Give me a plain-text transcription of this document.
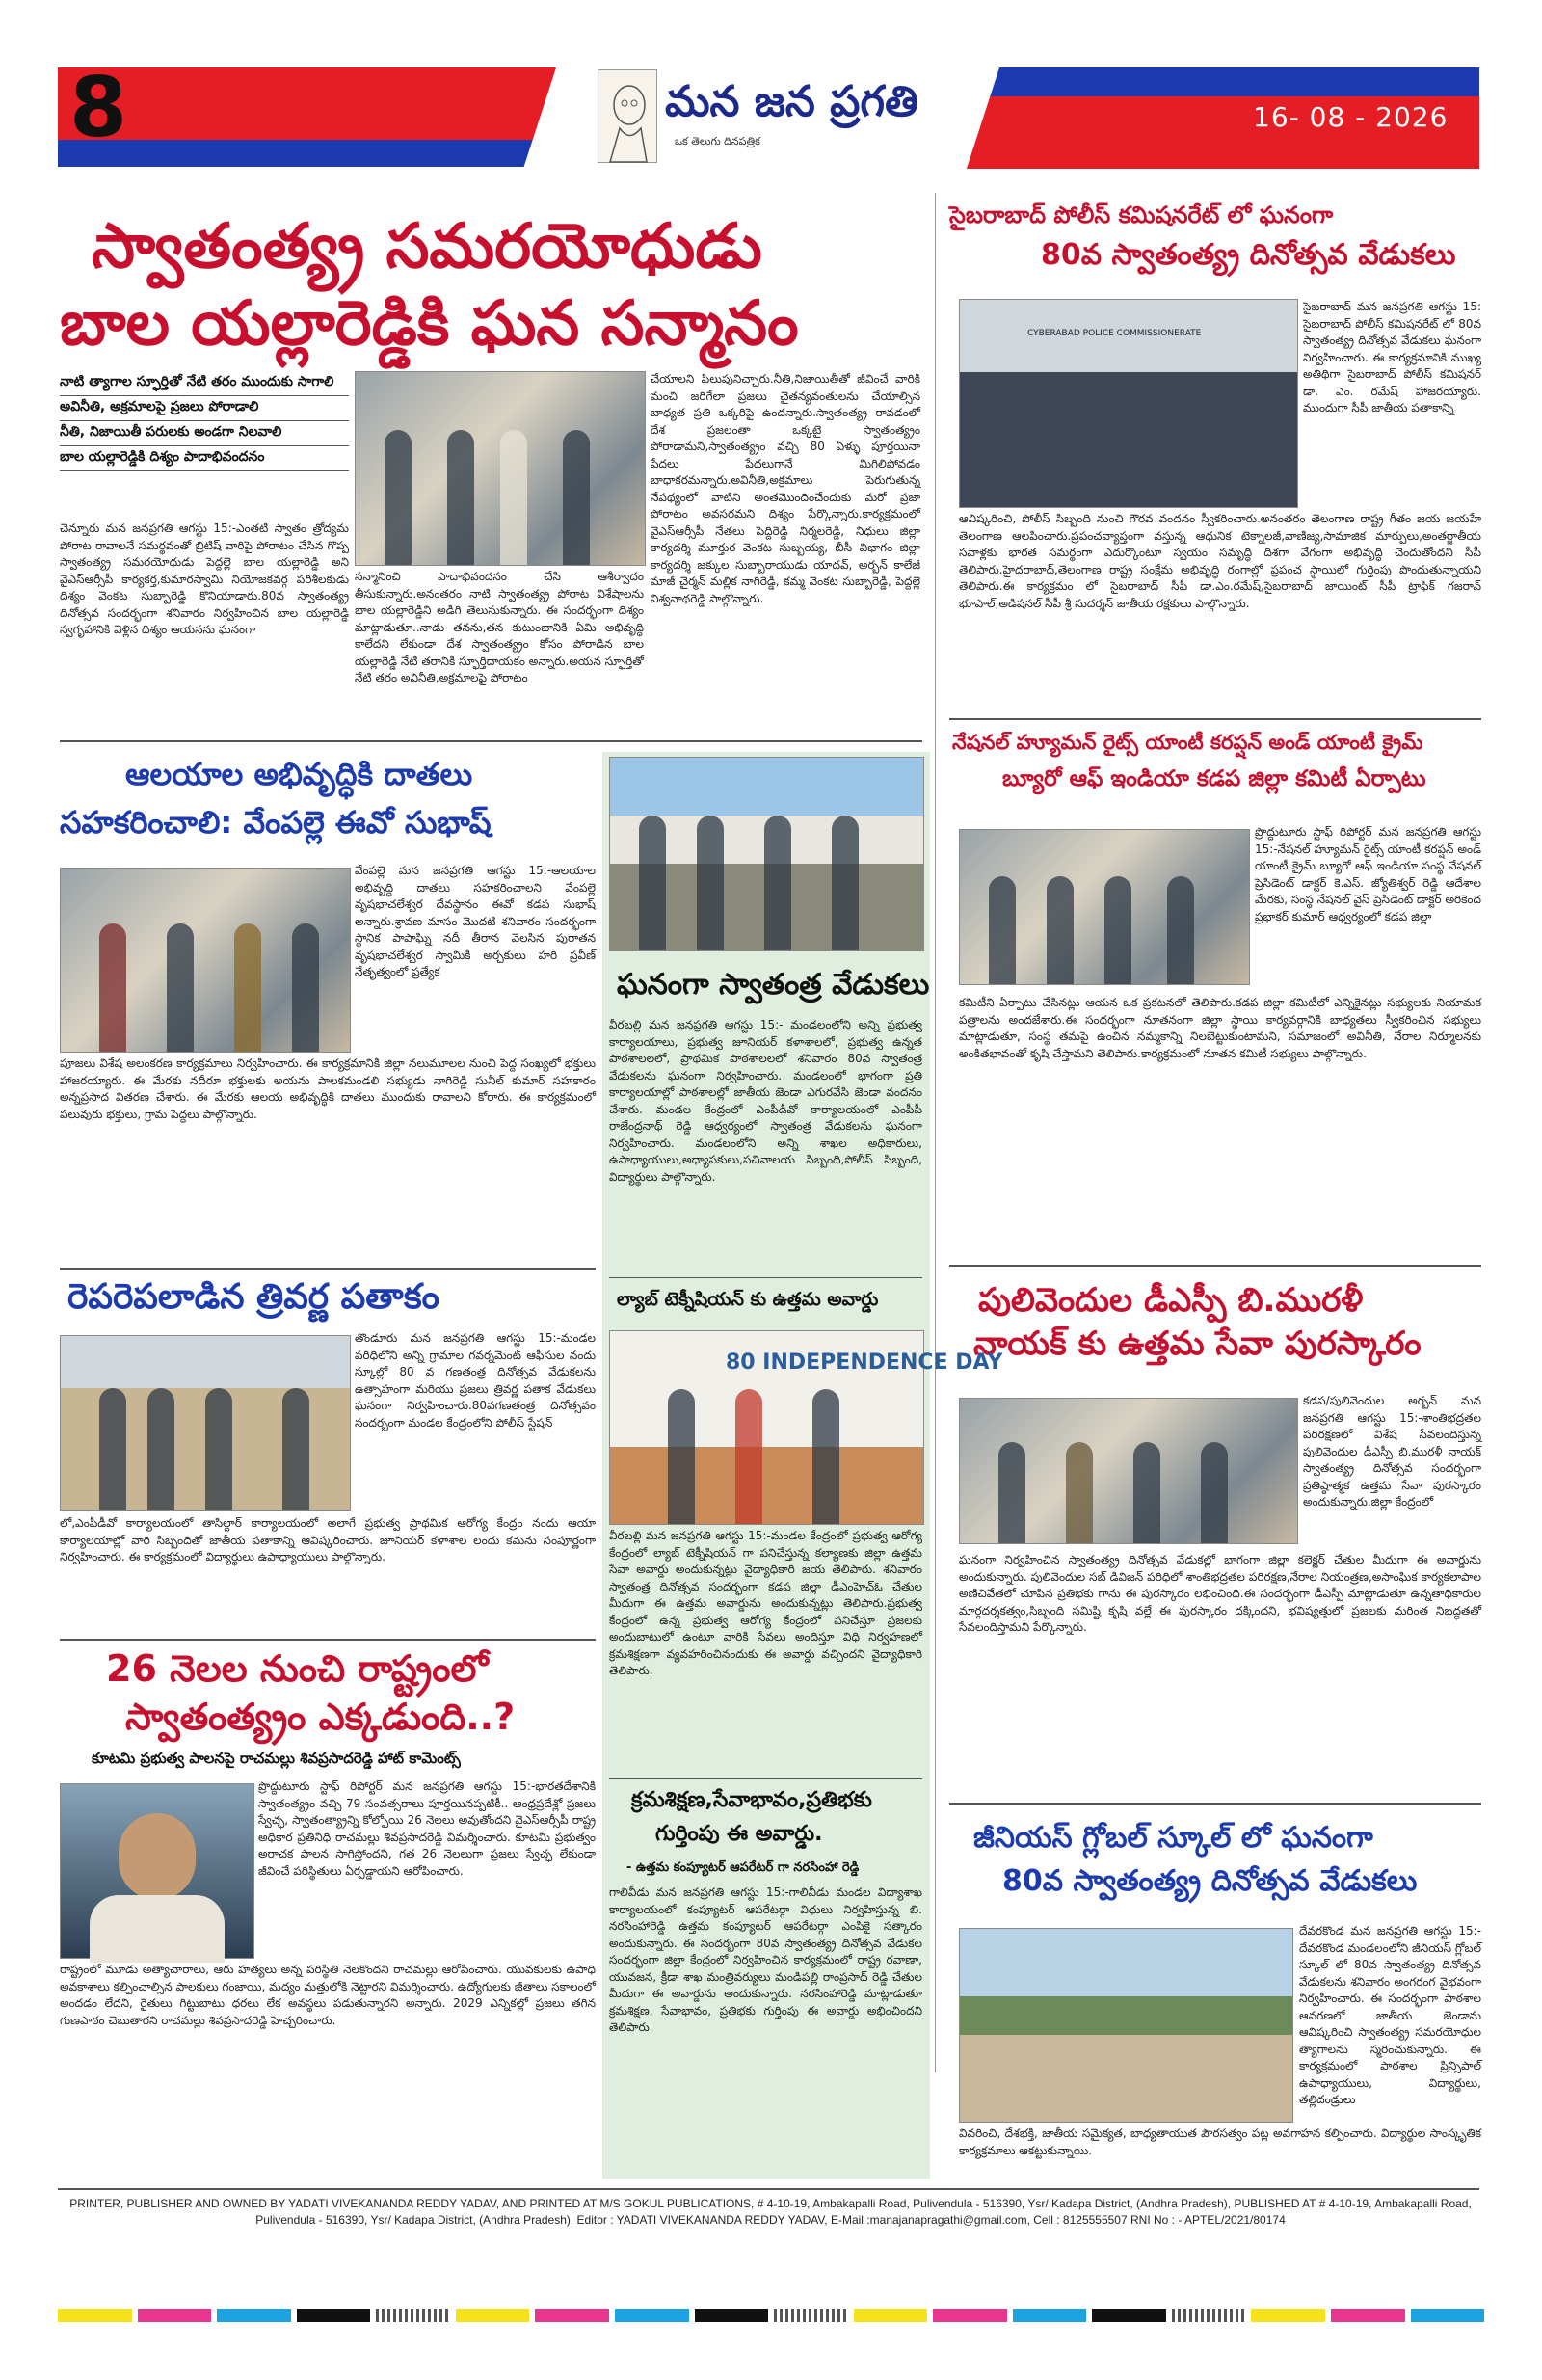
8	మన జన ప్రగతి
ఒక తెలుగు దినపత్రిక
16- 08 - 2026
స్వాతంత్య్ర సమరయోధుడు
బాల యల్లారెడ్డికి ఘన సన్మానం
నాటి త్యాగాల స్ఫూర్తితో నేటి తరం ముందుకు సాగాలి
అవినీతి, అక్రమాలపై ప్రజలు పోరాడాలి
నీతి, నిజాయితీ పరులకు అండగా నిలవాలి
బాల యల్లారెడ్డికి దిశ్యం పాదాభివందనం
చెన్నూరు మన జనప్రగతి ఆగస్టు 15:-ఎంతటి స్వాతం త్రోద్యమ పోరాట రావాలనే సమర్థవంతో బ్రిటిష్ వారిపై పోరాటం చేసిన గొప్ప స్వాతంత్య్ర సమరయోధుడు పెద్దల్లె బాల యల్లారెడ్డి అని వైఎస్ఆర్సీపీ కార్యకర్త,కుమారస్వామి నియోజకవర్గ పరిశీలకుడు దిశ్యం వెంకట సుబ్బారెడ్డి కొనియాడారు.80వ స్వాతంత్య్ర దినోత్సవ సందర్భంగా శనివారం నిర్వహించిన బాల యల్లారెడ్డి స్వగృహానికి వెళ్లిన దిశ్యం ఆయనను ఘనంగా
సన్మానించి పాదాభివందనం చేసి ఆశీర్వాదం తీసుకున్నారు.అనంతరం నాటి స్వాతంత్య్ర పోరాట విశేషాలను బాల యల్లారెడ్డిని అడిగి తెలుసుకున్నారు. ఈ సందర్భంగా దిశ్యం మాట్లాడుతూ..నాడు తనను,తన కుటుంబానికి ఏమి అభివృద్ధి కాలేదని లేకుండా దేశ స్వాతంత్య్రం కోసం పోరాడిన బాల యల్లారెడ్డి నేటి తరానికి స్ఫూర్తిదాయకం అన్నారు.అయన స్ఫూర్తితో నేటి తరం అవినీతి,అక్రమాలపై పోరాటం
చేయాలని పిలుపునిచ్చారు.నీతి,నిజాయితీతో జీవించే వారికి మంచి జరిగేలా ప్రజలు చైతన్యవంతులను చేయాల్సిన బాధ్యత ప్రతి ఒక్కరిపై ఉందన్నారు.స్వాతంత్య్ర రావడంలో దేశ ప్రజలంతా ఒక్కటై స్వాతంత్య్రం పోరాడామని,స్వాతంత్య్రం వచ్చి 80 ఏళ్ళు పూర్తయినా పేదలు పేదలుగానే మిగిలిపోవడం బాధాకరమన్నారు.అవినీతి,అక్రమాలు పెరుగుతున్న నేపథ్యంలో వాటిని అంతమొందించేందుకు మరో ప్రజా పోరాటం అవసరమని దిశ్యం పేర్కొన్నారు.కార్యక్రమంలో వైఎస్ఆర్సీపీ నేతలు పెద్దిరెడ్డి నిర్మలరెడ్డి, నిధులు జిల్లా కార్యదర్శి మూర్తుర వెంకట సుబ్బయ్య, బీసీ విభాగం జిల్లా కార్యదర్శి జక్కుల సుబ్బారాయుడు యాదవ్, అర్బన్ కాలేజీ మాజీ చైర్మన్ మల్లిక నాగిరెడ్డి, కమ్మ వెంకట సుబ్బారెడ్డి, పెద్దల్లె విశ్వనాథరెడ్డి పాల్గొన్నారు.
సైబరాబాద్ పోలీస్ కమిషనరేట్ లో ఘనంగా
80వ స్వాతంత్య్ర దినోత్సవ వేడుకలు
CYBERABAD POLICE COMMISSIONERATE
సైబరాబాద్ మన జనప్రగతి ఆగస్టు 15: సైబరాబాద్ పోలీస్ కమిషనరేట్ లో 80వ స్వాతంత్య్ర దినోత్సవ వేడుకలు ఘనంగా నిర్వహించారు. ఈ కార్యక్రమానికి ముఖ్య అతిథిగా సైబరాబాద్ పోలీస్ కమిషనర్ డా. ఎం. రమేష్ హాజరయ్యారు. ముందుగా సీపీ జాతీయ పతాకాన్ని
ఆవిష్కరించి, పోలీస్ సిబ్బంది నుంచి గౌరవ వందనం స్వీకరించారు.అనంతరం తెలంగాణ రాష్ట్ర గీతం జయ జయహే తెలంగాణ ఆలపించారు.ప్రపంచవ్యాప్తంగా వస్తున్న ఆధునిక టెక్నాలజీ,వాణిజ్య,సామాజిక మార్పులు,అంతర్జాతీయ సవాళ్లకు భారత సమర్థంగా ఎదుర్కొంటూ స్వయం సమృద్ధి దిశగా వేగంగా అభివృద్ధి చెందుతోందని సీపీ తెలిపారు.హైదరాబాద్,తెలంగాణ రాష్ట్ర సంక్షేమ అభివృద్ధి రంగాల్లో ప్రపంచ స్థాయిలో గుర్తింపు పొందుతున్నాయని తెలిపారు.ఈ కార్యక్రమం లో సైబరాబాద్ సీపీ డా.ఎం.రమేష్,సైబరాబాద్ జాయింట్ సీపీ ట్రాఫిక్ గజరావ్ భూపాల్,అడిషనల్ సీపీ శ్రీ సుదర్శన్ జాతీయ రక్షకులు పాల్గొన్నారు.
నేషనల్ హ్యూమన్ రైట్స్ యాంటీ కరప్షన్ అండ్ యాంటీ క్రైమ్
బ్యూరో ఆఫ్ ఇండియా కడప జిల్లా కమిటీ ఏర్పాటు
ప్రొద్దుటూరు స్టాఫ్ రిపోర్టర్ మన జనప్రగతి ఆగస్టు 15:-నేషనల్ హ్యూమన్ రైట్స్ యాంటీ కరప్షన్ అండ్ యాంటీ క్రైమ్ బ్యూరో ఆఫ్ ఇండియా సంస్థ నేషనల్ ప్రెసిడెంట్ డాక్టర్ కె.ఎస్. జ్యోతిశ్వర్ రెడ్డి ఆదేశాల మేరకు, సంస్థ నేషనల్ వైస్ ప్రెసిడెంట్ డాక్టర్ అరికెంద ప్రభాకర్ కుమార్ ఆధ్వర్యంలో కడప జిల్లా
కమిటీని ఏర్పాటు చేసినట్లు ఆయన ఒక ప్రకటనలో తెలిపారు.కడప జిల్లా కమిటీలో ఎన్నికైనట్లు సభ్యులకు నియామక పత్రాలను అందజేశారు.ఈ సందర్భంగా నూతనంగా జిల్లా స్థాయి కార్యవర్గానికి బాధ్యతలు స్వీకరించిన సభ్యులు మాట్లాడుతూ, సంస్థ తమపై ఉంచిన నమ్మకాన్ని నిలబెట్టుకుంటామని, సమాజంలో అవినీతి, నేరాల నిర్మూలనకు అంకితభావంతో కృషి చేస్తామని తెలిపారు.కార్యక్రమంలో నూతన కమిటీ సభ్యులు పాల్గొన్నారు.
పులివెందుల డీఎస్పీ బి.మురళీ
నాయక్ కు ఉత్తమ సేవా పురస్కారం
కడప/పులివెందుల అర్బన్ మన జనప్రగతి ఆగస్టు 15:-శాంతిభద్రతల పరిరక్షణలో విశేష సేవలందిస్తున్న పులివెందుల డీఎస్పీ బి.మురళీ నాయక్ స్వాతంత్య్ర దినోత్సవ సందర్భంగా ప్రతిష్ఠాత్మక ఉత్తమ సేవా పురస్కారం అందుకున్నారు.జిల్లా కేంద్రంలో
ఘనంగా నిర్వహించిన స్వాతంత్య్ర దినోత్సవ వేడుకల్లో భాగంగా జిల్లా కలెక్టర్ చేతుల మీదుగా ఈ అవార్డును అందుకున్నారు. పులివెందుల సబ్ డివిజన్ పరిధిలో శాంతిభద్రతల పరిరక్షణ,నేరాల నియంత్రణ,అసాంఘిక కార్యకలాపాల అణిచివేతలో చూపిన ప్రతిభకు గాను ఈ పురస్కారం లభించింది.ఈ సందర్భంగా డీఎస్పీ మాట్లాడుతూ ఉన్నతాధికారుల మార్గదర్శకత్వం,సిబ్బంది సమిష్టి కృషి వల్లే ఈ పురస్కారం దక్కిందని, భవిష్యత్తులో ప్రజలకు మరింత నిబద్ధతతో సేవలందిస్తామని పేర్కొన్నారు.
జీనియస్ గ్లోబల్ స్కూల్ లో ఘనంగా
80వ స్వాతంత్య్ర దినోత్సవ వేడుకలు
దేవరకొండ మన జనప్రగతి ఆగస్టు 15:-దేవరకొండ మండలంలోని జీనియస్ గ్లోబల్ స్కూల్ లో 80వ స్వాతంత్య్ర దినోత్సవ వేడుకలను శనివారం అంగరంగ వైభవంగా నిర్వహించారు. ఈ సందర్భంగా పాఠశాల ఆవరణలో జాతీయ జెండాను ఆవిష్కరించి స్వాతంత్య్ర సమరయోధుల త్యాగాలను స్మరించుకున్నారు. ఈ కార్యక్రమంలో పాఠశాల ప్రిన్సిపాల్ ఉపాధ్యాయులు, విద్యార్థులు, తల్లిదండ్రులు
వివరించి, దేశభక్తి, జాతీయ సమైక్యత, బాధ్యతాయుత పౌరసత్వం పట్ల అవగాహన కల్పించారు. విద్యార్థుల సాంస్కృతిక కార్యక్రమాలు ఆకట్టుకున్నాయి.
ఆలయాల అభివృద్ధికి దాతలు
సహకరించాలి: వేంపల్లె ఈవో సుభాష్
వేంపల్లె మన జనప్రగతి ఆగస్టు 15:-ఆలయాల అభివృద్ధి దాతలు సహకరించాలని వేంపల్లె వృషభాచలేశ్వర దేవస్థానం ఈవో కడప సుభాష్ అన్నారు.శ్రావణ మాసం మొదటి శనివారం సందర్భంగా స్థానిక పాపాఘ్ని నదీ తీరాన వెలసిన పురాతన వృషభాచలేశ్వర స్వామికి అర్చకులు హరి ప్రవీణ్ నేతృత్వంలో ప్రత్యేక
పూజలు విశేష అలంకరణ కార్యక్రమాలు నిర్వహించారు. ఈ కార్యక్రమానికి జిల్లా నలుమూలల నుంచి పెద్ద సంఖ్యలో భక్తులు హాజరయ్యారు. ఈ మేరకు నదీరూ భక్తులకు అయను పాలకమండలి సభ్యుడు నాగిరెడ్డి సునీల్ కుమార్ సహకారం అన్నప్రసాద వితరణ చేశారు. ఈ మేరకు ఆలయ అభివృద్ధికి దాతలు ముందుకు రావాలని కోరారు. ఈ కార్యక్రమంలో పలువురు భక్తులు, గ్రామ పెద్దలు పాల్గొన్నారు.
రెపరెపలాడిన త్రివర్ణ పతాకం
తొండూరు మన జనప్రగతి ఆగస్టు 15:-మండల పరిధిలోని అన్ని గ్రామాల గవర్నమెంట్ ఆఫీసుల నందు స్కూల్లో 80 వ గణతంత్ర దినోత్సవ వేడుకలను ఉత్సాహంగా మరియు ప్రజలు త్రివర్ణ పతాక వేడుకలు ఘనంగా నిర్వహించారు.80వగణతంత్ర దినోత్సవం సందర్భంగా మండల కేంద్రంలోని పోలీస్ స్టేషన్
లో,ఎంపీడీవో కార్యాలయంలో తాసిల్దార్ కార్యాలయంలో అలాగే ప్రభుత్వ ప్రాథమిక ఆరోగ్య కేంద్రం నందు ఆయా కార్యాలయాల్లో వారి సిబ్బందితో జాతీయ పతాకాన్ని ఆవిష్కరించారు. జూనియర్ కళాశాల లందు కమను సంపూర్ణంగా నిర్వహించారు. ఈ కార్యక్రమంలో విద్యార్థులు ఉపాధ్యాయులు పాల్గొన్నారు.
26 నెలల నుంచి రాష్ట్రంలో
స్వాతంత్య్రం ఎక్కడుంది..?
కూటమి ప్రభుత్వ పాలనపై రాచమల్లు శివప్రసాదరెడ్డి హాట్ కామెంట్స్
ప్రొద్దుటూరు స్టాఫ్ రిపోర్టర్ మన జనప్రగతి ఆగస్టు 15:-భారతదేశానికి స్వాతంత్య్రం వచ్చి 79 సంవత్సరాలు పూర్తయినప్పటికీ.. ఆంధ్రప్రదేశ్లో ప్రజలు స్వేచ్ఛ, స్వాతంత్య్రాన్ని కోల్పోయి 26 నెలలు అవుతోందని వైఎస్ఆర్సీపీ రాష్ట్ర అధికార ప్రతినిధి రాచమల్లు శివప్రసాదరెడ్డి విమర్శించారు. కూటమి ప్రభుత్వం అరాచక పాలన సాగిస్తోందని, గత 26 నెలలుగా ప్రజలు స్వేచ్ఛ లేకుండా జీవించే పరిస్థితులు ఏర్పడ్డాయని ఆరోపించారు.
రాష్ట్రంలో మూడు అత్యాచారాలు, ఆరు హత్యలు అన్న పరిస్థితి నెలకొందని రాచమల్లు ఆరోపించారు. యువకులకు ఉపాధి అవకాశాలు కల్పించాల్సిన పాలకులు గంజాయి, మద్యం మత్తులోకి నెట్టారని విమర్శించారు. ఉద్యోగులకు జీతాలు సకాలంలో అందడం లేదని, రైతులు గిట్టుబాటు ధరలు లేక అవస్థలు పడుతున్నారని అన్నారు. 2029 ఎన్నికల్లో ప్రజలు తగిన గుణపాఠం చెబుతారని రాచమల్లు శివప్రసాదరెడ్డి హెచ్చరించారు.
ఘనంగా స్వాతంత్ర వేడుకలు
వీరబల్లి మన జనప్రగతి ఆగస్టు 15:- మండలంలోని అన్ని ప్రభుత్వ కార్యాలయాలు, ప్రభుత్వ జూనియర్ కళాశాలలో, ప్రభుత్వ ఉన్నత పాఠశాలలలో, ప్రాథమిక పాఠశాలలలో శనివారం 80వ స్వాతంత్ర వేడుకలను ఘనంగా నిర్వహించారు. మండలంలో భాగంగా ప్రతి కార్యాలయాల్లో పాఠశాలల్లో జాతీయ జెండా ఎగురవేసి జెండా వందనం చేశారు. మండల కేంద్రంలో ఎంపీడీవో కార్యాలయంలో ఎంపీపీ రాజేంద్రనాథ్ రెడ్డి ఆధ్వర్యంలో స్వాతంత్ర వేడుకలను ఘనంగా నిర్వహించారు. మండలంలోని అన్ని శాఖల అధికారులు, ఉపాధ్యాయులు,అధ్యాపకులు,సచివాలయ సిబ్బంది,పోలీస్ సిబ్బంది, విద్యార్థులు పాల్గొన్నారు.
ల్యాబ్ టెక్నీషియన్ కు ఉత్తమ అవార్డు
80 INDEPENDENCE DAY
వీరబల్లి మన జనప్రగతి ఆగస్టు 15:-మండల కేంద్రంలో ప్రభుత్వ ఆరోగ్య కేంద్రంలో ల్యాబ్ టెక్నీషియన్ గా పనిచేస్తున్న కల్యాణకు జిల్లా ఉత్తమ సేవా అవార్డు అందుకున్నట్లు వైద్యాధికారి జయ తెలిపారు. శనివారం స్వాతంత్ర దినోత్సవ సందర్భంగా కడప జిల్లా డీఎంహెచ్ఓ చేతుల మీదుగా ఈ ఉత్తమ అవార్డును అందుకున్నట్లు తెలిపారు.ప్రభుత్వ కేంద్రంలో ఉన్న ప్రభుత్వ ఆరోగ్య కేంద్రంలో పనిచేస్తూ ప్రజలకు అందుబాటులో ఉంటూ వారికి సేవలు అందిస్తూ విధి నిర్వహణలో క్రమశిక్షణగా వ్యవహరించినందుకు ఈ అవార్డు వచ్చిందని వైద్యాధికారి తెలిపారు.
క్రమశిక్షణ,సేవాభావం,ప్రతిభకు
గుర్తింపు ఈ అవార్డు.
- ఉత్తమ కంప్యూటర్ ఆపరేటర్ గా నరసింహా రెడ్డి
గాలివీడు మన జనప్రగతి ఆగస్టు 15:-గాలివీడు మండల విద్యాశాఖ కార్యాలయంలో కంప్యూటర్ ఆపరేటర్గా విధులు నిర్వహిస్తున్న బి. నరసింహారెడ్డి ఉత్తమ కంప్యూటర్ ఆపరేటర్గా ఎంపికై సత్కారం అందుకున్నారు. ఈ సందర్భంగా 80వ స్వాతంత్య్ర దినోత్సవ వేడుకల సందర్భంగా జిల్లా కేంద్రంలో నిర్వహించిన కార్యక్రమంలో రాష్ట్ర రవాణా, యువజన, క్రీడా శాఖ మంత్రివర్యులు మండిపల్లి రాంప్రసాద్ రెడ్డి చేతుల మీదుగా ఈ అవార్డును అందుకున్నారు. నరసింహారెడ్డి మాట్లాడుతూ క్రమశిక్షణ, సేవాభావం, ప్రతిభకు గుర్తింపు ఈ అవార్డు అభించిందని తెలిపారు.
PRINTER, PUBLISHER AND OWNED BY YADATI VIVEKANANDA REDDY YADAV, AND PRINTED AT M/S GOKUL PUBLICATIONS, # 4-10-19, Ambakapalli Road, Pulivendula - 516390, Ysr/ Kadapa District, (Andhra Pradesh), PUBLISHED AT # 4-10-19, Ambakapalli Road, Pulivendula - 516390, Ysr/ Kadapa District, (Andhra Pradesh), Editor : YADATI VIVEKANANDA REDDY YADAV, E-Mail :manajanapragathi@gmail.com, Cell : 8125555507 RNI No : - APTEL/2021/80174
